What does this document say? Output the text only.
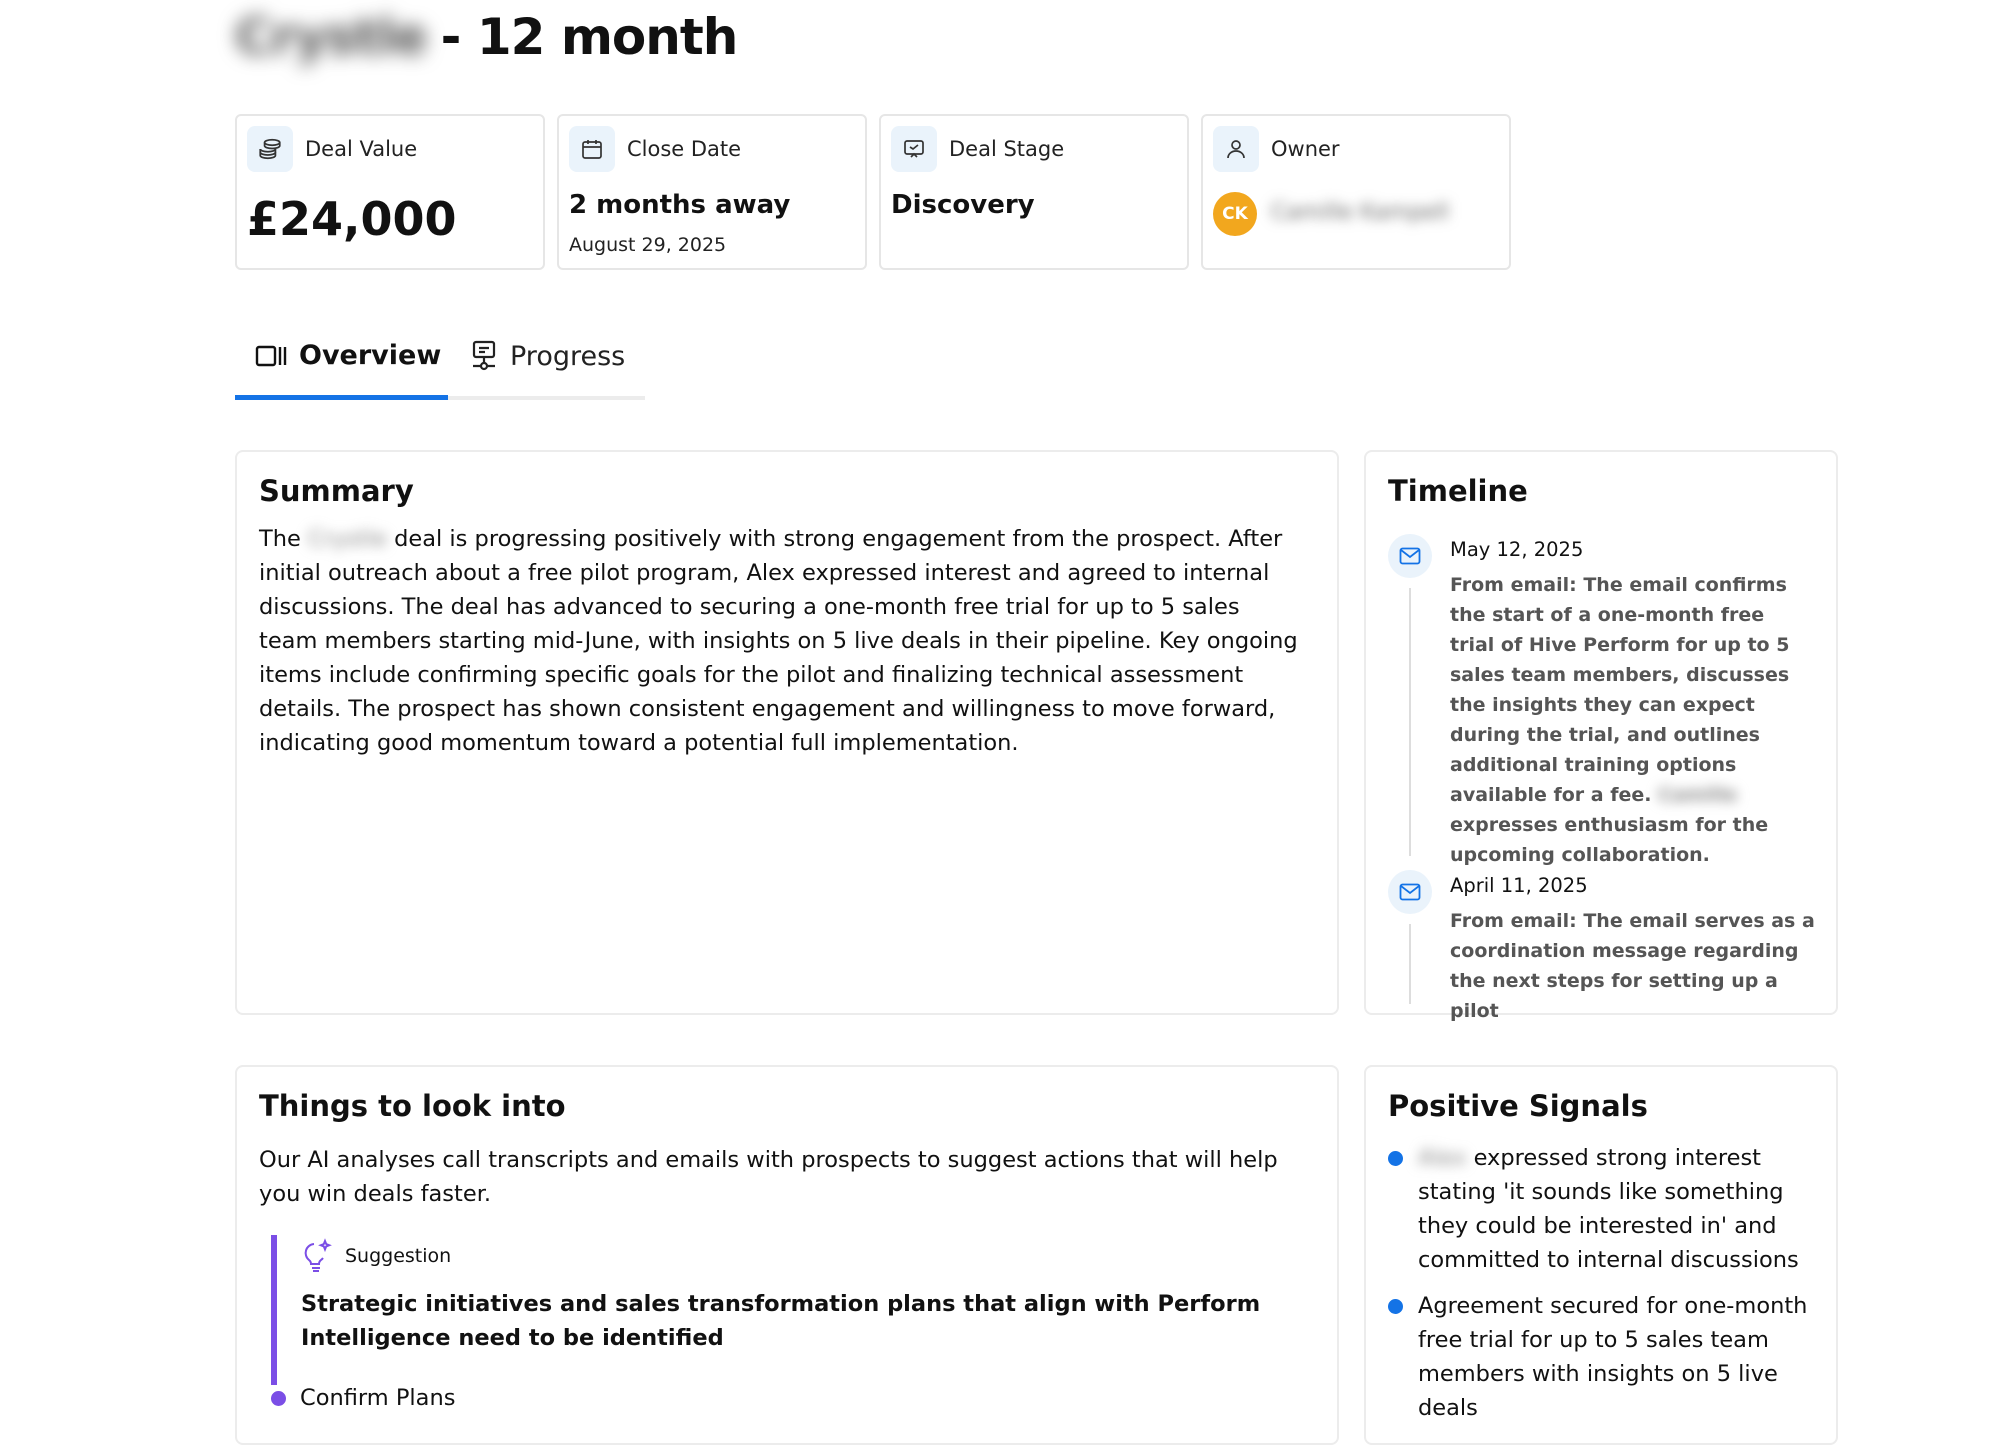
Crystle - 12 month
Deal Value
£24,000
Close Date
2 months away
August 29, 2025
Deal Stage
Discovery
Owner
CK	Camille Kampell
Overview	Progress
Summary

The Crystle deal is progressing positively with strong engagement from the prospect. After initial outreach about a free pilot program, Alex expressed interest and agreed to internal discussions. The deal has advanced to securing a one-month free trial for up to 5 sales team members starting mid-June, with insights on 5 live deals in their pipeline. Key ongoing items include confirming specific goals for the pilot and finalizing technical assessment details. The prospect has shown consistent engagement and willingness to move forward, indicating good momentum toward a potential full implementation.

Timeline
May 12, 2025

From email: The email confirms the start of a one-month free trial of Hive Perform for up to 5 sales team members, discusses the insights they can expect during the trial, and outlines additional training options available for a fee. Camille expresses enthusiasm for the upcoming collaboration.

April 11, 2025

From email: The email serves as a coordination message regarding the next steps for setting up a pilot

Things to look into

Our AI analyses call transcripts and emails with prospects to suggest actions that will help you win deals faster.

Suggestion

Strategic initiatives and sales transformation plans that align with Perform Intelligence need to be identified

Confirm Plans
Positive Signals

Alex expressed strong interest stating 'it sounds like something they could be interested in' and committed to internal discussions

Agreement secured for one-month free trial for up to 5 sales team members with insights on 5 live deals
